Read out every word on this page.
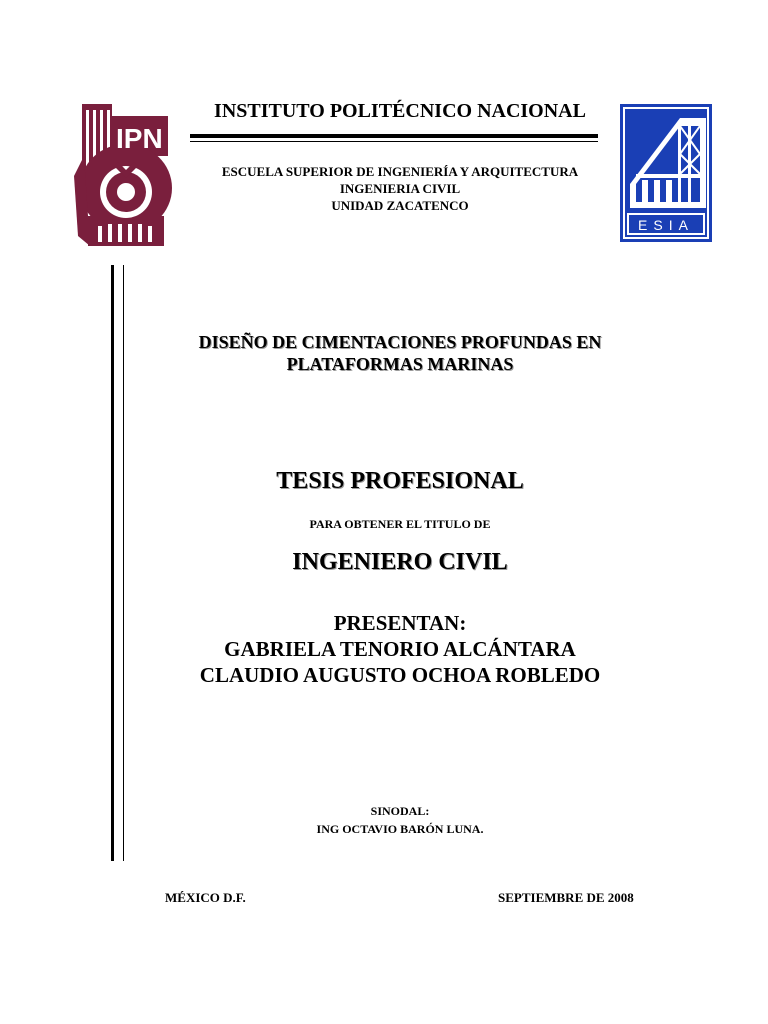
IPN
ESIA
INSTITUTO POLITÉCNICO NACIONAL
ESCUELA SUPERIOR DE INGENIERÍA Y ARQUITECTURA
INGENIERIA CIVIL
UNIDAD ZACATENCO
DISEÑO DE CIMENTACIONES PROFUNDAS EN
PLATAFORMAS MARINAS
TESIS PROFESIONAL
PARA OBTENER EL TITULO DE
INGENIERO CIVIL
PRESENTAN:
GABRIELA TENORIO ALCÁNTARA
CLAUDIO AUGUSTO OCHOA ROBLEDO
SINODAL:
ING OCTAVIO BARÓN LUNA.
MÉXICO D.F.	SEPTIEMBRE DE 2008
